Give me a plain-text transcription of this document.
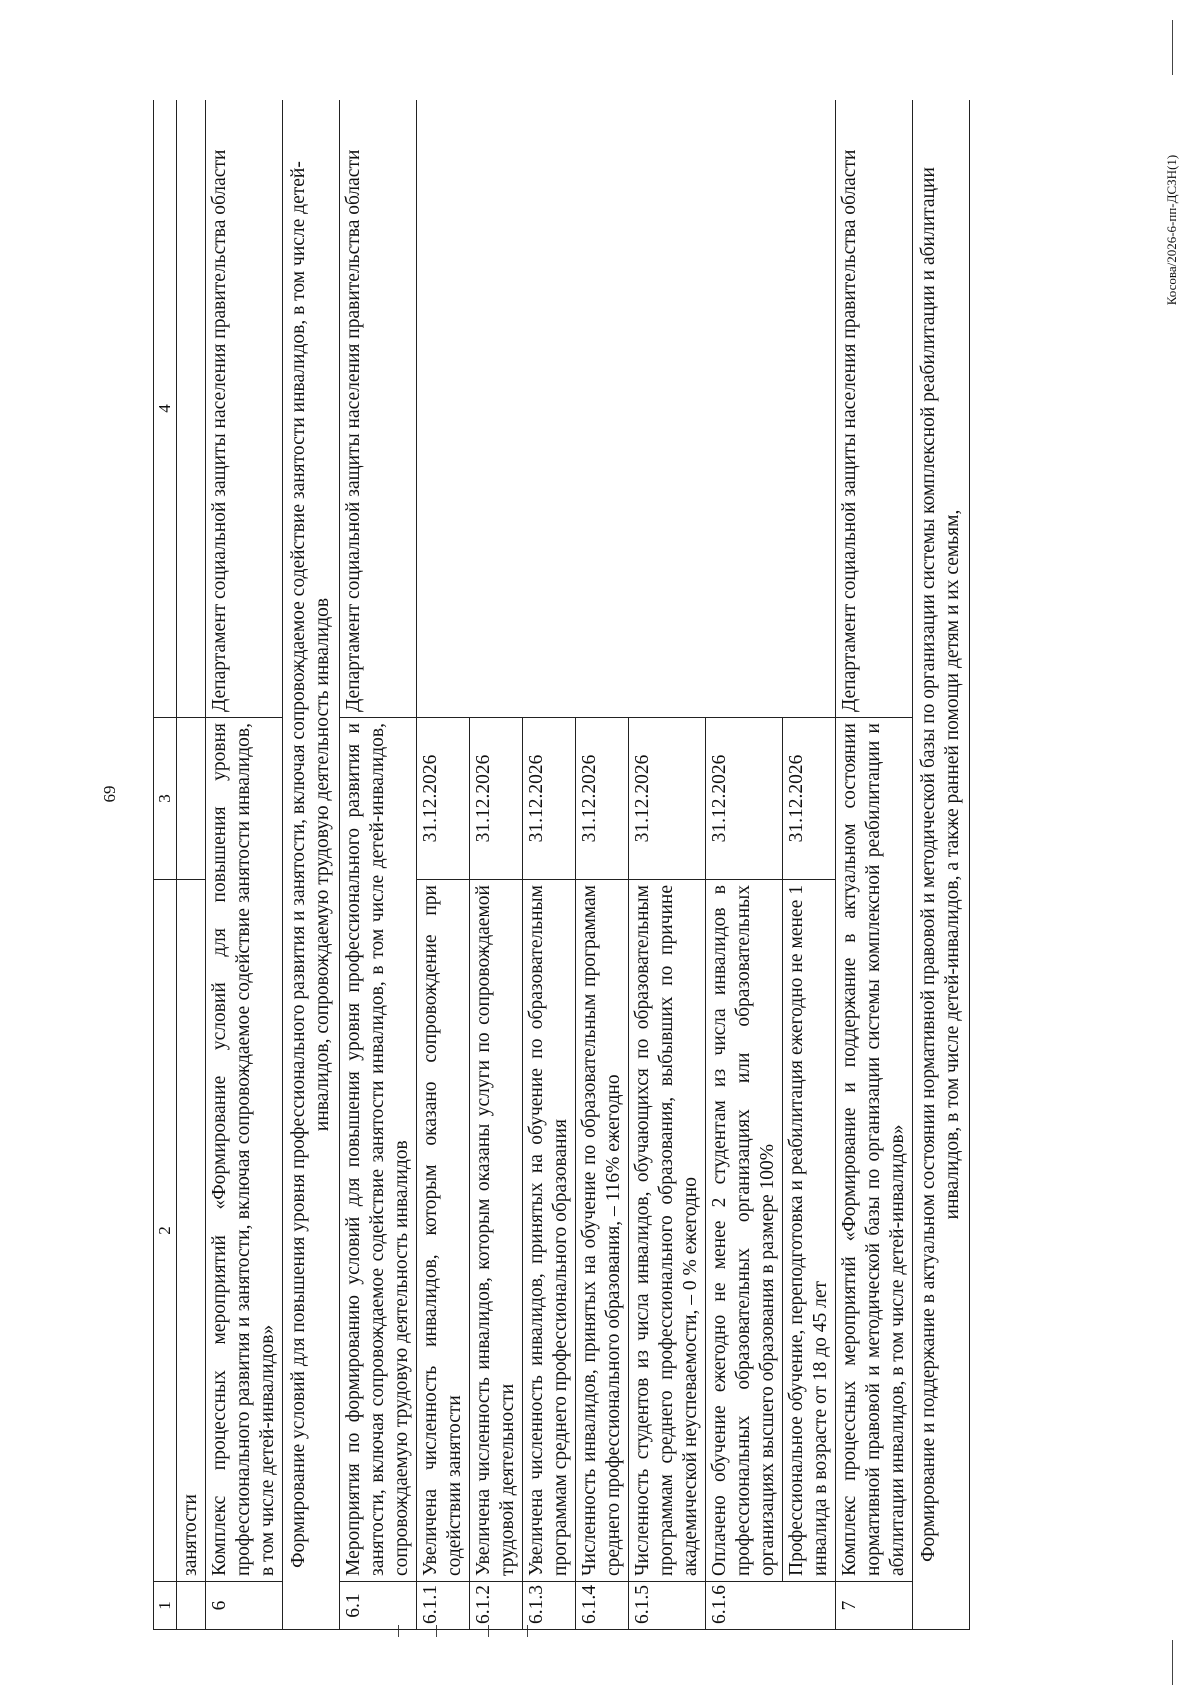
69
Косова/2026-6-пп-ДСЗН(1)
1	2	3	4
	занятости		
6	Комплекс процессных мероприятий «Формирование условий для повышения уровня профессионального развития и занятости, включая сопровождаемое содействие занятости инвалидов, в том числе детей-инвалидов»		Департамент социальной защиты населения правительства области
Формирование условий для повышения уровня профессионального развития и занятости, включая сопровождаемое содействие занятости инвалидов, в том числе детей-инвалидов, сопровождаемую трудовую деятельность инвалидов			
6.1	Мероприятия по формированию условий для повышения уровня профессионального развития и занятости, включая сопровождаемое содействие занятости инвалидов, в том числе детей-инвалидов, сопровождаемую трудовую деятельность инвалидов		Департамент социальной защиты населения правительства области
6.1.1	Увеличена численность инвалидов, которым оказано сопровождение при содействии занятости	31.12.2026	
6.1.2	Увеличена численность инвалидов, которым оказаны услуги по сопровождаемой трудовой деятельности	31.12.2026	
6.1.3	Увеличена численность инвалидов, принятых на обучение по образовательным программам среднего профессионального образования	31.12.2026	
6.1.4	Численность инвалидов, принятых на обучение по образовательным программам среднего профессионального образования, – 116% ежегодно	31.12.2026	
6.1.5	Численность студентов из числа инвалидов, обучающихся по образовательным программам среднего профессионального образования, выбывших по причине академической неуспеваемости, – 0 % ежегодно	31.12.2026	
6.1.6	Оплачено обучение ежегодно не менее 2 студентам из числа инвалидов в профессиональных образовательных организациях или образовательных организациях высшего образования в размере 100%	31.12.2026	
	Профессиональное обучение, переподготовка и реабилитация ежегодно не менее 1 инвалида в возрасте от 18 до 45 лет	31.12.2026	
7	Комплекс процессных мероприятий «Формирование и поддержание в актуальном состоянии нормативной правовой и методической базы по организации системы комплексной реабилитации и абилитации инвалидов, в том числе детей-инвалидов»		Департамент социальной защиты населения правительства области
Формирование и поддержание в актуальном состоянии нормативной правовой и методической базы по организации системы комплексной реабилитации и абилитации инвалидов, в том числе детей-инвалидов, а также ранней помощи детям и их семьям,			
